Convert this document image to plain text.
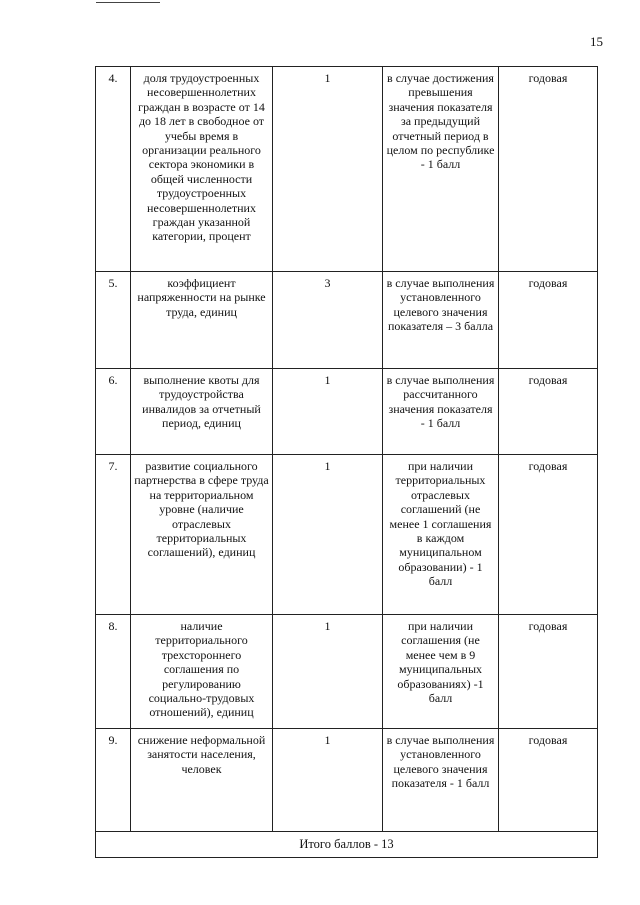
15
4.	доля трудоустроенных несовершеннолетних граждан в возрасте от 14 до 18 лет в свободное от учебы время в организации реального сектора экономики в общей численности трудоустроенных несовершеннолетних граждан указанной категории, процент	1	в случае достижения превышения значения показателя за предыдущий отчетный период в целом по республике - 1 балл	годовая
5.	коэффициент напряженности на рынке труда, единиц	3	в случае выполнения установленного целевого значения показателя – 3 балла	годовая
6.	выполнение квоты для трудоустройства инвалидов за отчетный период, единиц	1	в случае выполнения рассчитанного значения показателя - 1 балл	годовая
7.	развитие социального партнерства в сфере труда на территориальном уровне (наличие отраслевых территориальных соглашений), единиц	1	при наличии территориальных отраслевых соглашений (не менее 1 соглашения в каждом муниципальном образовании) - 1 балл	годовая
8.	наличие территориального трехстороннего соглашения по регулированию социально-трудовых отношений), единиц	1	при наличии соглашения (не менее чем в 9 муниципальных образованиях) -1 балл	годовая
9.	снижение неформальной занятости населения, человек	1	в случае выполнения установленного целевого значения показателя - 1 балл	годовая
Итого баллов - 13				
